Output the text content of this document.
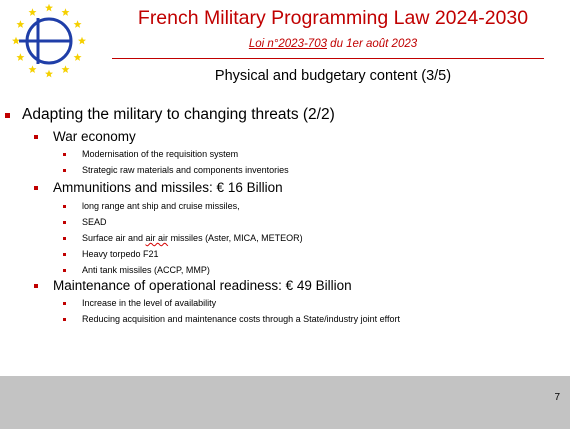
French Military Programming Law 2024-2030
Loi n°2023-703 du 1er août 2023
Physical and budgetary content (3/5)
Adapting the military to changing threats (2/2)
War economy
Modernisation of the requisition system
Strategic raw materials and components inventories
Ammunitions and missiles: € 16 Billion
long range ant ship and cruise missiles,
SEAD
Surface air and air air missiles (Aster, MICA, METEOR)
Heavy torpedo F21
Anti tank missiles (ACCP, MMP)
Maintenance of operational readiness: € 49 Billion
Increase in the level of availability
Reducing acquisition and maintenance costs through a State/industry joint effort
7
